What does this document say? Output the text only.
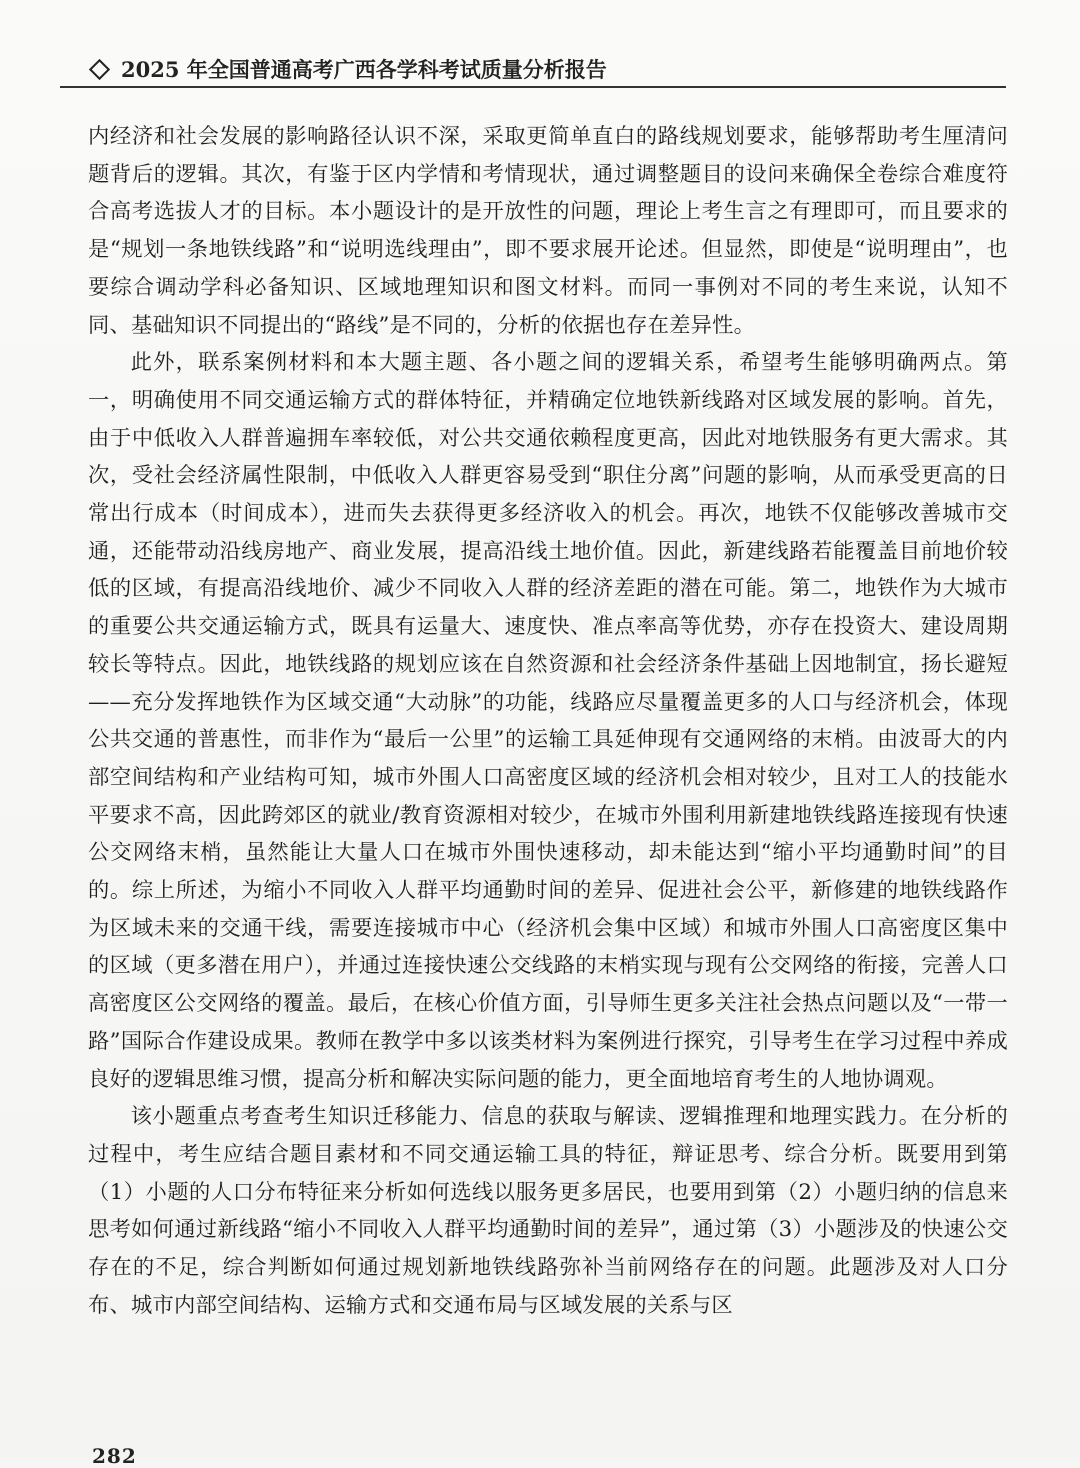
2025 年全国普通高考广西各学科考试质量分析报告

内经济和社会发展的影响路径认识不深，采取更简单直白的路线规划要求，能够帮助考生厘清问题背后的逻辑。其次，有鉴于区内学情和考情现状，通过调整题目的设问来确保全卷综合难度符合高考选拔人才的目标。本小题设计的是开放性的问题，理论上考生言之有理即可，而且要求的是“规划一条地铁线路”和“说明选线理由”，即不要求展开论述。但显然，即使是“说明理由”，也要综合调动学科必备知识、区域地理知识和图文材料。而同一事例对不同的考生来说，认知不同、基础知识不同提出的“路线”是不同的，分析的依据也存在差异性。

此外，联系案例材料和本大题主题、各小题之间的逻辑关系，希望考生能够明确两点。第一，明确使用不同交通运输方式的群体特征，并精确定位地铁新线路对区域发展的影响。首先，由于中低收入人群普遍拥车率较低，对公共交通依赖程度更高，因此对地铁服务有更大需求。其次，受社会经济属性限制，中低收入人群更容易受到“职住分离”问题的影响，从而承受更高的日常出行成本（时间成本），进而失去获得更多经济收入的机会。再次，地铁不仅能够改善城市交通，还能带动沿线房地产、商业发展，提高沿线土地价值。因此，新建线路若能覆盖目前地价较低的区域，有提高沿线地价、减少不同收入人群的经济差距的潜在可能。第二，地铁作为大城市的重要公共交通运输方式，既具有运量大、速度快、准点率高等优势，亦存在投资大、建设周期较长等特点。因此，地铁线路的规划应该在自然资源和社会经济条件基础上因地制宜，扬长避短——充分发挥地铁作为区域交通“大动脉”的功能，线路应尽量覆盖更多的人口与经济机会，体现公共交通的普惠性，而非作为“最后一公里”的运输工具延伸现有交通网络的末梢。由波哥大的内部空间结构和产业结构可知，城市外围人口高密度区域的经济机会相对较少，且对工人的技能水平要求不高，因此跨郊区的就业/教育资源相对较少，在城市外围利用新建地铁线路连接现有快速公交网络末梢，虽然能让大量人口在城市外围快速移动，却未能达到“缩小平均通勤时间”的目的。综上所述，为缩小不同收入人群平均通勤时间的差异、促进社会公平，新修建的地铁线路作为区域未来的交通干线，需要连接城市中心（经济机会集中区域）和城市外围人口高密度区集中的区域（更多潜在用户），并通过连接快速公交线路的末梢实现与现有公交网络的衔接，完善人口高密度区公交网络的覆盖。最后，在核心价值方面，引导师生更多关注社会热点问题以及“一带一路”国际合作建设成果。教师在教学中多以该类材料为案例进行探究，引导考生在学习过程中养成良好的逻辑思维习惯，提高分析和解决实际问题的能力，更全面地培育考生的人地协调观。

该小题重点考查考生知识迁移能力、信息的获取与解读、逻辑推理和地理实践力。在分析的过程中，考生应结合题目素材和不同交通运输工具的特征，辩证思考、综合分析。既要用到第（1）小题的人口分布特征来分析如何选线以服务更多居民，也要用到第（2）小题归纳的信息来思考如何通过新线路“缩小不同收入人群平均通勤时间的差异”，通过第（3）小题涉及的快速公交存在的不足，综合判断如何通过规划新地铁线路弥补当前网络存在的问题。此题涉及对人口分布、城市内部空间结构、运输方式和交通布局与区域发展的关系与区

282
